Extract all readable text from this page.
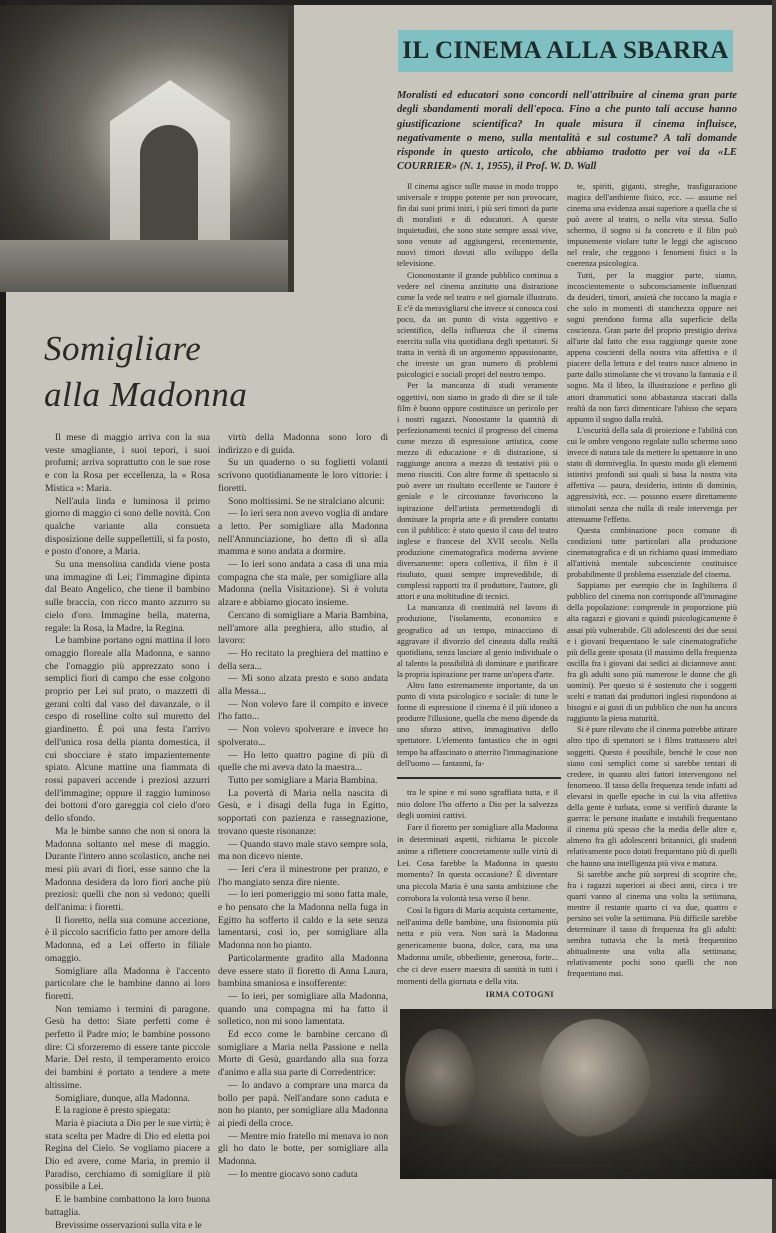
Somigliare
alla Madonna

Il mese di maggio arriva con la sua veste smagliante, i suoi tepori, i suoi profumi; arriva soprattutto con le sue rose e con la Rosa per eccellenza, la « Rosa Mistica »: Maria.

Nell'aula linda e luminosa il primo giorno di maggio ci sono delle novità. Con qualche variante alla consueta disposizione delle suppellettili, si fa posto, e posto d'onore, a Maria.

Su una mensolina candida viene posta una immagine di Lei; l'immagine dipinta dal Beato Angelico, che tiene il bambino sulle braccia, con ricco manto azzurro su cielo d'oro. Immagine bella, materna, regale: la Rosa, la Madre, la Regina.

Le bambine portano ogni mattina il loro omaggio floreale alla Madonna, e sanno che l'omaggio più apprezzato sono i semplici fiori di campo che esse colgono proprio per Lei sul prato, o mazzetti di gerani colti dal vaso del davanzale, o il cespo di roselline colto sul muretto del giardinetto. È poi una festa l'arrivo dell'unica rosa della pianta domestica, il cui sbocciare è stato impazientemente spiato. Alcune mattine una fiammata di rossi papaveri accende i preziosi azzurri dell'immagine; oppure il raggio luminoso dei bottoni d'oro gareggia col cielo d'oro dello sfondo.

Ma le bimbe sanno che non si onora la Madonna soltanto nel mese di maggio. Durante l'intero anno scolastico, anche nei mesi più avari di fiori, esse sanno che la Madonna desidera da loro fiori anche più preziosi: quelli che non si vedono; quelli dell'anima: i fioretti.

Il fioretto, nella sua comune accezione, è il piccolo sacrificio fatto per amore della Madonna, ed a Lei offerto in filiale omaggio.

Somigliare alla Madonna è l'accento particolare che le bambine danno ai loro fioretti.

Non temiamo i termini di paragone. Gesù ha detto: Siate perfetti come è perfetto il Padre mio; le bambine possono dire: Ci sforzeremo di essere tante piccole Marie. Del resto, il temperamento eroico dei bambini è portato a tendere a mete altissime.

Somigliare, dunque, alla Madonna.

E la ragione è presto spiegata:

Maria è piaciuta a Dio per le sue virtù; è stata scelta per Madre di Dio ed eletta poi Regina del Cielo. Se vogliamo piacere a Dio ed avere, come Maria, in premio il Paradiso, cerchiamo di somigliare il più possibile a Lei.

E le bambine combattono la loro buona battaglia.

Brevissime osservazioni sulla vita e le

virtù della Madonna sono loro di indirizzo e di guida.

Su un quaderno o su foglietti volanti scrivono quotidianamente le loro vittorie: i fioretti.

Sono moltissimi. Se ne stralciano alcuni:

— Io ieri sera non avevo voglia di andare a letto. Per somigliare alla Madonna nell'Annunciazione, ho detto di sì alla mamma e sono andata a dormire.

— Io ieri sono andata a casa di una mia compagna che sta male, per somigliare alla Madonna (nella Visitazione). Si è voluta alzare e abbiamo giocato insieme.

Cercano di somigliare a Maria Bambina, nell'amore alla preghiera, allo studio, al lavoro:

— Ho recitato la preghiera del mattino e della sera...

— Mi sono alzata presto e sono andata alla Messa...

— Non volevo fare il compito e invece l'ho fatto...

— Non volevo spolverare e invece ho spolverato...

— Ho letto quattro pagine di più di quelle che mi aveva dato la maestra...

Tutto per somigliare a Maria Bambina.

La povertà di Maria nella nascita di Gesù, e i disagi della fuga in Egitto, sopportati con pazienza e rassegnazione, trovano queste risonanze:

— Quando stavo male stavo sempre sola, ma non dicevo niente.

— Ieri c'era il minestrone per pranzo, e l'ho mangiato senza dire niente.

— Io ieri pomeriggio mi sono fatta male, e ho pensato che la Madonna nella fuga in Egitto ha sofferto il caldo e la sete senza lamentarsi, così io, per somigliare alla Madonna non ho pianto.

Particolarmente gradito alla Madonna deve essere stato il fioretto di Anna Laura, bambina smaniosa e insofferente:

— Io ieri, per somigliare alla Madonna, quando una compagna mi ha fatto il solletico, non mi sono lamentata.

Ed ecco come le bambine cercano di somigliare a Maria nella Passione e nella Morte di Gesù, guardando alla sua forza d'animo e alla sua parte di Corredentrice:

— Io andavo a comprare una marca da bollo per papà. Nell'andare sono caduta e non ho pianto, per somigliare alla Madonna ai piedi della croce.

— Mentre mio fratello mi menava io non gli ho dato le botte, per somigliare alla Madonna.

— Io mentre giocavo sono caduta

IL CINEMA ALLA SBARRA

Moralisti ed educatori sono concordi nell'attribuire al cinema gran parte degli sbandamenti morali dell'epoca. Fino a che punto tali accuse hanno giustificazione scientifica? In quale misura il cinema influisce, negativamente o meno, sulla mentalità e sul costume? A tali domande risponde in questo articolo, che abbiamo tradotto per voi da «LE COURRIER» (N. 1, 1955), il Prof. W. D. Wall

Il cinema agisce sulle masse in modo troppo universale e troppo potente per non provocare, fin dai suoi primi inizi, i più seri timori da parte di moralisti e di educatori. A queste inquietudini, che sono state sempre assai vive, sono venute ad aggiungersi, recentemente, nuovi timori dovuti allo sviluppo della televisione.

Ciononostante il grande pubblico continua a vedere nel cinema anzitutto una distrazione come la vede nel teatro e nel giornale illustrato. E c'è da meravigliarsi che invece si conosca così poco, da un punto di vista oggettivo e scientifico, della influenza che il cinema esercita sulla vita quotidiana degli spettatori. Si tratta in verità di un argomento appassionante, che investe un gran numero di problemi psicologici e sociali propri del nostro tempo.

Per la mancanza di studi veramente oggettivi, non siamo in grado di dire se il tale film è buono oppure costituisce un pericolo per i nostri ragazzi. Nonostante la quantità di perfezionamenti tecnici il progresso del cinema come mezzo di espressione artistica, come mezzo di educazione e di distrazione, si raggiunge ancora a mezzo di tentativi più o meno riusciti. Con altre forme di spettacolo si può avere un risultato eccellente se l'autore è geniale e le circostanze favoriscono la ispirazione dell'artista permettendogli di dominare la propria arte e di prendere contatto con il pubblico: è stato questo il caso del teatro inglese e francese del XVII secolo. Nella produzione cinematografica moderna avviene diversamente: opera collettiva, il film è il risultato, quasi sempre imprevedibile, di complessi rapporti tra il produttore, l'autore, gli attori e una moltitudine di tecnici.

La mancanza di continuità nel lavoro di produzione, l'isolamento, economico e geografico ad un tempo, minacciano di aggravare il divorzio del cineasta dalla realtà quotidiana, senza lasciare al genio individuale o al talento la possibilità di dominare e purificare la propria ispirazione per trarne un'opera d'arte.

Altro fatto estremamente importante, da un punto di vista psicologico e sociale: di tutte le forme di espressione il cinema è il più idoneo a produrre l'illusione, quella che meno dipende da uno sforzo attivo, immaginativo dello spettatore. L'elemento fantastico che in ogni tempo ha affascinato o atterrito l'immaginazione dell'uomo — fantasmi, fa-

tra le spine e mi sono sgraffiata tutta, e il mio dolore l'ho offerto a Dio per la salvezza degli uomini cattivi.

Fare il fioretto per somigliare alla Madonna in determinati aspetti, richiama le piccole anime a riflettere concretamente sulle virtù di Lei. Cosa farebbe la Madonna in questo momento? In questa occasione? È diventare una piccola Maria è una santa ambizione che corrobora la volontà tesa verso il bene.

Così la figura di Maria acquista certamente, nell'anima delle bambine, una fisionomia più netta e più vera. Non sarà la Madonna genericamente buona, dolce, cara, ma una Madonna umile, obbediente, generosa, forte... che ci deve essere maestra di santità in tutti i momenti della giornata e della vita.

IRMA COTOGNI

te, spiriti, giganti, streghe, trasfigurazione magica dell'ambiente fisico, ecc. — assume nel cinema una evidenza assai superiore a quella che si può avere al teatro, o nella vita stessa. Sullo schermo, il sogno si fa concreto e il film può impunemente violare tutte le leggi che agiscono nel reale, che reggono i fenomeni fisici o la coerenza psicologica.

Tutti, per la maggior parte, siamo, incoscientemente o subconsciamente influenzati da desideri, timori, ansietà che toccano la magia e che solo in momenti di stanchezza oppure nei sogni prendono forma alla superficie della coscienza. Gran parte del proprio prestigio deriva all'arte dal fatto che essa raggiunge queste zone appena coscienti della nostra vita affettiva e il piacere della lettura e del teatro nasce almeno in parte dallo stimolante che vi trovano la fantasia e il sogno. Ma il libro, la illustrazione e perfino gli attori drammatici sono abbastanza staccati dalla realtà da non farci dimenticare l'abisso che separa appunto il sogno dalla realtà.

L'oscurità della sala di proiezione e l'abilità con cui le ombre vengono regolate sullo schermo sono invece di natura tale da mettere lo spettatore in uno stato di dormiveglia. In questo modo gli elementi istintivi profondi sui quali si basa la nostra vita affettiva — paura, desiderio, istinto di dominio, aggressività, ecc. — possono essere direttamente stimolati senza che nulla di reale intervenga per attenuarne l'effetto.

Questa combinazione poco comune di condizioni tutte particolari alla produzione cinematografica e di un richiamo quasi immediato all'attività mentale subcosciente costituisce probabilmente il problema essenziale del cinema.

Sappiamo per esempio che in Inghilterra il pubblico del cinema non corrisponde all'immagine della popolazione: comprende in proporzione più alta ragazzi e giovani e quindi psicologicamente è assai più vulnerabile. Gli adolescenti dei due sessi e i giovani frequentano le sale cinematografiche più della gente sposata (il massimo della frequenza oscilla fra i giovani dai sedici ai diciannove anni: fra gli adulti sono più numerose le donne che gli uomini). Per questo si è sostenuto che i soggetti scelti e trattati dai produttori inglesi rispondono ai bisogni e ai gusti di un pubblico che non ha ancora raggiunto la piena maturità.

Si è pure rilevato che il cinema potrebbe attirare altro tipo di spettatori se i films trattassero altri soggetti. Questo è possibile, benchè le cose non siano così semplici come si sarebbe tentati di credere, in quanto altri fattori intervengono nel fenomeno. Il tasso della frequenza tende infatti ad elevarsi in quelle epoche in cui la vita affettiva della gente è turbata, come si verificò durante la guerra: le persone inadatte e instabili frequentano il cinema più spesso che la media delle altre e, almeno fra gli adolescenti britannici, gli studenti relativamente poco dotati frequentano più di quelli che hanno una intelligenza più viva e matura.

Si sarebbe anche più sorpresi di scoprire che, fra i ragazzi superiori ai dieci anni, circa i tre quarti vanno al cinema una volta la settimana, mentre il restante quarto ci va due, quattro e persino sei volte la settimana. Più difficile sarebbe determinare il tasso di frequenza fra gli adulti: sembra tuttavia che la metà frequentino abitualmente una volta alla settimana; relativamente pochi sono quelli che non frequentano mai.
